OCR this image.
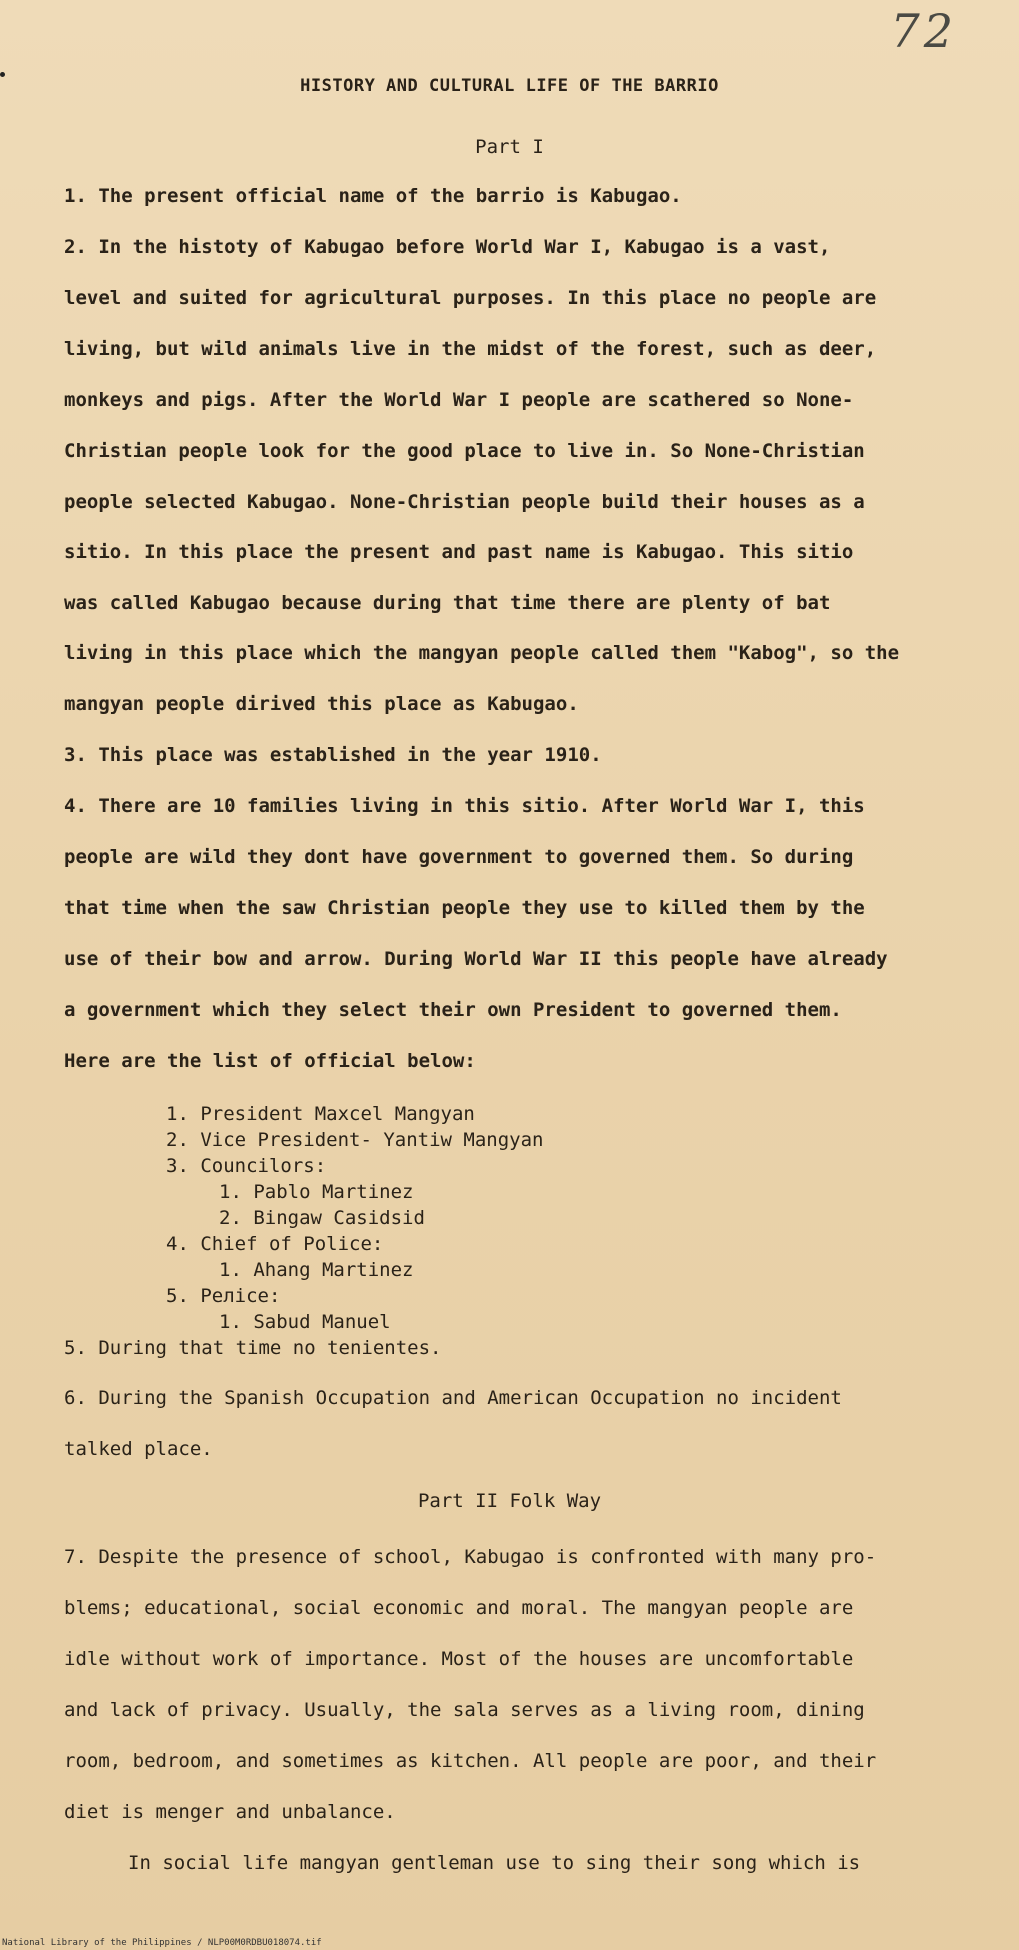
72
HISTORY AND CULTURAL LIFE OF THE BARRIO
Part I
1. The present official name of the barrio is Kabugao.
2. In the histoty of Kabugao before World War I, Kabugao is a vast,
level and suited for agricultural purposes. In this place no people are
living, but wild animals live in the midst of the forest, such as deer,
monkeys and pigs. After the World War I people are scathered so None-
Christian people look for the good place to live in. So None-Christian
people selected Kabugao. None-Christian people build their houses as a
sitio. In this place the present and past name is Kabugao. This sitio
was called Kabugao because during that time there are plenty of bat
living in this place which the mangyan people called them "Kabog", so the
mangyan people dirived this place as Kabugao.
3. This place was established in the year 1910.
4. There are 10 families living in this sitio. After World War I, this
people are wild they dont have government to governed them. So during
that time when the saw Christian people they use to killed them by the
use of their bow and arrow. During World War II this people have already
a government which they select their own President to governed them.
Here are the list of official below:
1. President Maxcel Mangyan
2. Vice President- Yantiw Mangyan
3. Councilors:
1. Pablo Martinez
2. Bingaw Casidsid
4. Chief of Police:
1. Ahang Martinez
5. Pелice:
1. Sabud Manuel
5. During that time no tenientes.
6. During the Spanish Occupation and American Occupation no incident
talked place.
Part II Folk Way
7. Despite the presence of school, Kabugao is confronted with many pro-
blems; educational, social economic and moral. The mangyan people are
idle without work of importance. Most of the houses are uncomfortable
and lack of privacy. Usually, the sala serves as a living room, dining
room, bedroom, and sometimes as kitchen. All people are poor, and their
diet is menger and unbalance.
In social life mangyan gentleman use to sing their song which is
National Library of the Philippines / NLP00M0RDBU018074.tif
